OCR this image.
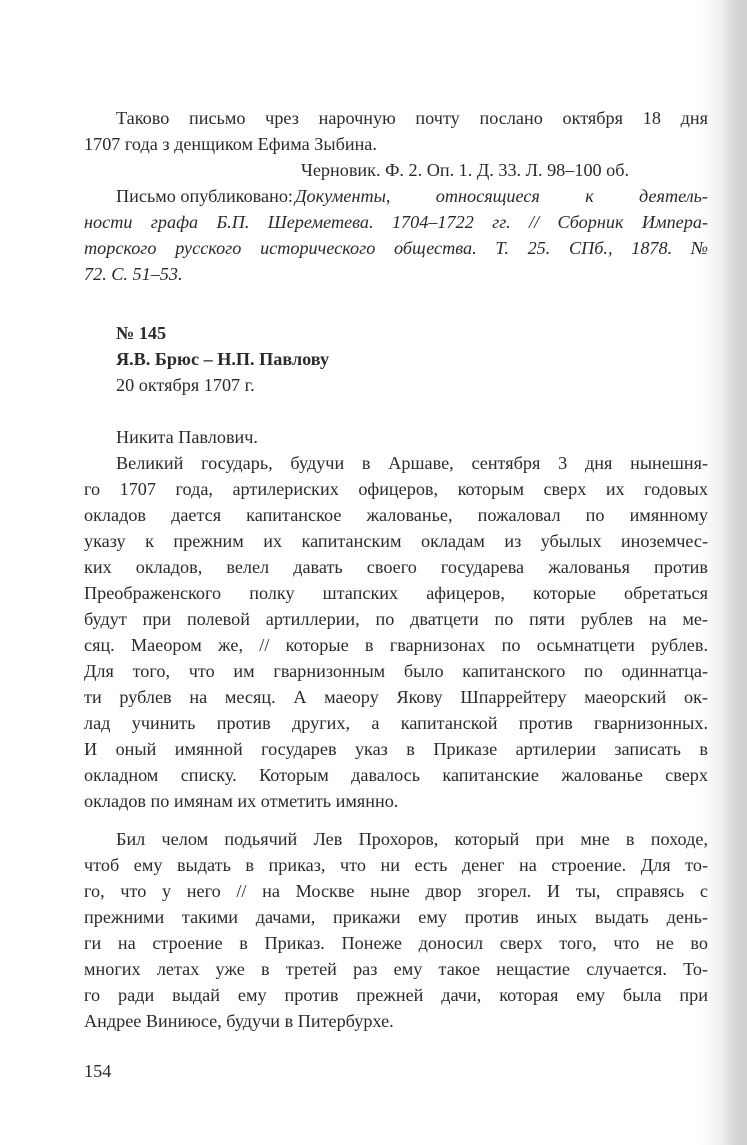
Таково письмо чрез нарочную почту послано октября 18 дня
1707 года з денщиком Ефима Зыбина.
Черновик. Ф. 2. Оп. 1. Д. 33. Л. 98–100 об.
Письмо опубликовано: Документы, относящиеся к деятель-
ности графа Б.П. Шереметева. 1704–1722 гг. // Сборник Импера-
торского русского исторического общества. Т. 25. СПб., 1878. №
72. С. 51–53.
№ 145
Я.В. Брюс – Н.П. Павлову
20 октября 1707 г.
Никита Павлович.
Великий государь, будучи в Аршаве, сентября 3 дня нынешня-
го 1707 года, артилериских офицеров, которым сверх их годовых
окладов дается капитанское жалованье, пожаловал по имянному
указу к прежним их капитанским окладам из убылых иноземчес-
ких окладов, велел давать своего государева жалованья против
Преображенского полку штапских афицеров, которые обретаться
будут при полевой артиллерии, по дватцети по пяти рублев на ме-
сяц. Маеором же, // которые в гварнизонах по осьмнатцети рублев.
Для того, что им гварнизонным было капитанского по одиннатца-
ти рублев на месяц. А маеору Якову Шпаррейтеру маеорский ок-
лад учинить против других, а капитанской против гварнизонных.
И оный имянной государев указ в Приказе артилерии записать в
окладном списку. Которым давалось капитанские жалованье сверх
окладов по имянам их отметить имянно.
Бил челом подьячий Лев Прохоров, который при мне в походе,
чтоб ему выдать в приказ, что ни есть денег на строение. Для то-
го, что у него // на Москве ныне двор згорел. И ты, справясь с
прежними такими дачами, прикажи ему против иных выдать день-
ги на строение в Приказ. Понеже доносил сверх того, что не во
многих летах уже в третей раз ему такое нещастие случается. То-
го ради выдай ему против прежней дачи, которая ему была при
Андрее Виниюсе, будучи в Питербурхе.
154
